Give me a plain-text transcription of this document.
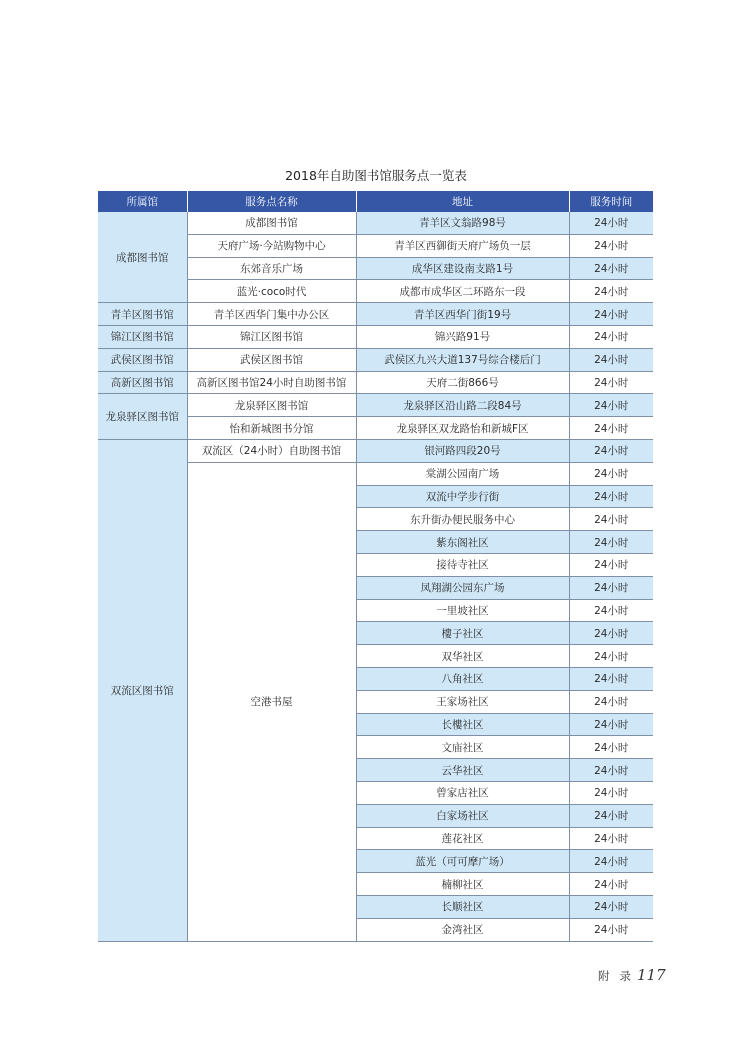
2018年自助图书馆服务点一览表
所属馆	服务点名称	地址	服务时间
成都图书馆	成都图书馆	青羊区文翁路98号	24小时
	天府广场·今站购物中心	青羊区西御街天府广场负一层	24小时
	东郊音乐广场	成华区建设南支路1号	24小时
	蓝光·coco时代	成都市成华区二环路东一段	24小时
青羊区图书馆	青羊区西华门集中办公区	青羊区西华门街19号	24小时
锦江区图书馆	锦江区图书馆	锦兴路91号	24小时
武侯区图书馆	武侯区图书馆	武侯区九兴大道137号综合楼后门	24小时
高新区图书馆	高新区图书馆24小时自助图书馆	天府二街866号	24小时
龙泉驿区图书馆	龙泉驿区图书馆	龙泉驿区沿山路二段84号	24小时
	怡和新城图书分馆	龙泉驿区双龙路怡和新城F区	24小时
双流区图书馆	双流区（24小时）自助图书馆	银河路四段20号	24小时
	空港书屋	棠湖公园南广场	24小时
		双流中学步行街	24小时
		东升街办便民服务中心	24小时
		紫东阁社区	24小时
		接待寺社区	24小时
		凤翔湖公园东广场	24小时
		一里坡社区	24小时
		樓子社区	24小时
		双华社区	24小时
		八角社区	24小时
		王家场社区	24小时
		长樓社区	24小时
		文庙社区	24小时
		云华社区	24小时
		曾家店社区	24小时
		白家场社区	24小时
		莲花社区	24小时
		蓝光（可可摩广场）	24小时
		楠柳社区	24小时
		长顺社区	24小时
		金湾社区	24小时
附 录 117
